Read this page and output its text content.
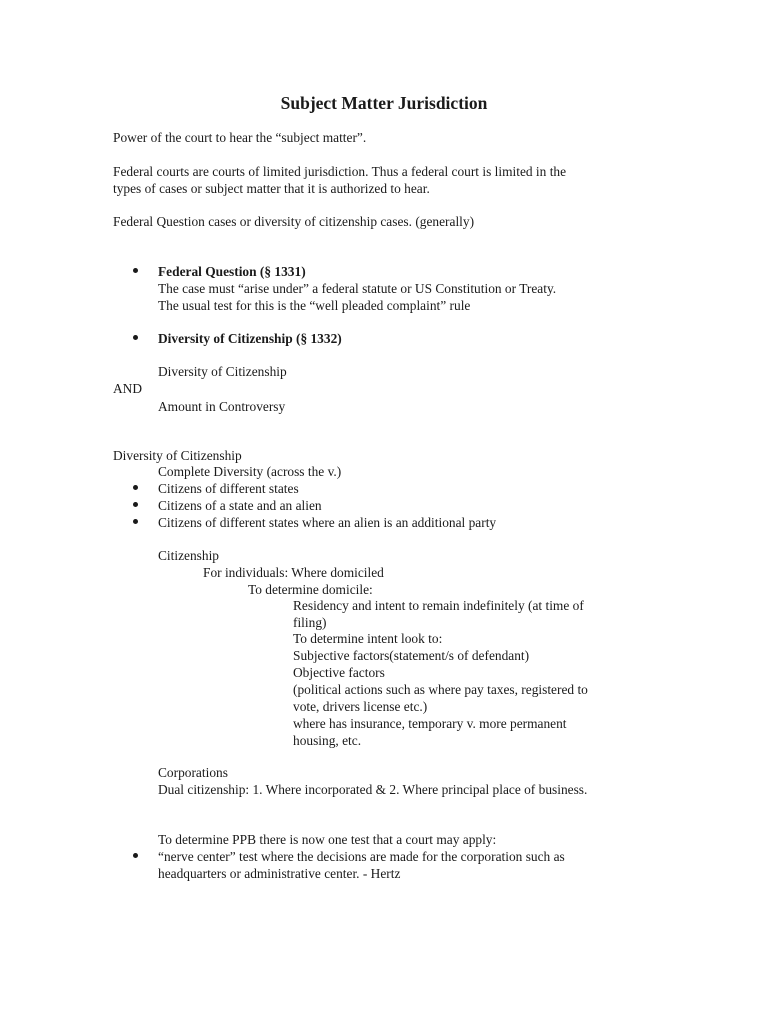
Subject Matter Jurisdiction
Power of the court to hear the “subject matter”.
Federal courts are courts of limited jurisdiction. Thus a federal court is limited in the
types of cases or subject matter that it is authorized to hear.
Federal Question cases or diversity of citizenship cases. (generally)
Federal Question (§ 1331)
The case must “arise under” a federal statute or US Constitution or Treaty.
The usual test for this is the “well pleaded complaint” rule
Diversity of Citizenship (§ 1332)
Diversity of Citizenship
AND
Amount in Controversy
Diversity of Citizenship
Complete Diversity (across the v.)
Citizens of different states
Citizens of a state and an alien
Citizens of different states where an alien is an additional party
Citizenship
For individuals: Where domiciled
To determine domicile:
Residency and intent to remain indefinitely (at time of
filing)
To determine intent look to:
Subjective factors(statement/s of defendant)
Objective factors
(political actions such as where pay taxes, registered to
vote, drivers license etc.)
where has insurance, temporary v. more permanent
housing, etc.
Corporations
Dual citizenship: 1. Where incorporated & 2. Where principal place of business.
To determine PPB there is now one test that a court may apply:
“nerve center” test where the decisions are made for the corporation such as
headquarters or administrative center. - Hertz
